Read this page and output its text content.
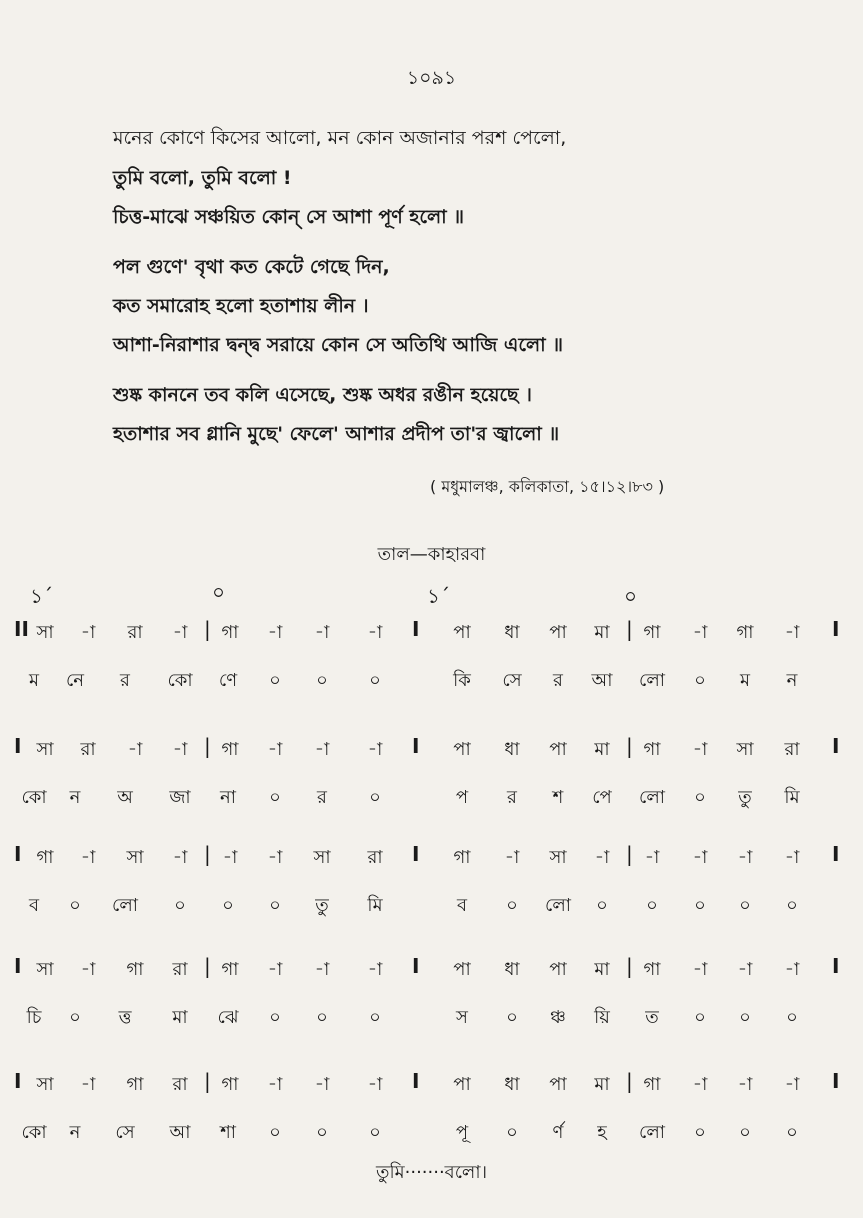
১০৯১
মনের কোণে কিসের আলো, মন কোন অজানার পরশ পেলো,
তুমি বলো, তুমি বলো !
চিত্ত-মাঝে সঞ্চয়িত কোন্ সে আশা পূর্ণ হলো ॥
পল গুণে' বৃথা কত কেটে গেছে দিন,
কত সমারোহ হলো হতাশায় লীন ।
আশা-নিরাশার দ্বন্দ্ব সরায়ে কোন সে অতিথি আজি এলো ॥
শুষ্ক কাননে তব কলি এসেছে, শুষ্ক অধর রঙীন হয়েছে ।
হতাশার সব গ্লানি মুছে' ফেলে' আশার প্রদীপ তা'র জ্বালো ॥
( মধুমালঞ্চ, কলিকাতা, ১৫।১২।৮৩ )
তাল—কাহারবা
১´	০	১´	০
II	I	I
|	|
সা	-া	রা	-া	গা	-া	-া	-া	পা	ধা	পা	মা	গা	-া	গা	-া
ম	নে	র	কো	ণে	০	০	০	কি	সে	র	আ	লো	০	ম	ন
I	I	I
|	|
সা	রা	-া	-া	গা	-া	-া	-া	পা	ধা	পা	মা	গা	-া	সা	রা
কো	ন	অ	জা	না	০	র	০	প	র	শ	পে	লো	০	তু	মি
I	I	I
|	|
গা	-া	সা	-া	-া	-া	সা	রা	গা	-া	সা	-া	-া	-া	-া	-া
ব	০	লো	০	০	০	তু	মি	ব	০	লো	০	০	০	০	০
I	I	I
|	|
সা	-া	গা	রা	গা	-া	-া	-া	পা	ধা	পা	মা	গা	-া	-া	-া
চি	০	ত্ত	মা	ঝে	০	০	০	স	০	ঞ্চ	য়ি	ত	০	০	০
I	I	I
|	|
সা	-া	গা	রা	গা	-া	-া	-া	পা	ধা	পা	মা	গা	-া	-া	-া
কো	ন	সে	আ	শা	০	০	০	পূ	০	র্ণ	হ	লো	০	০	০
তুমি·······বলো।
